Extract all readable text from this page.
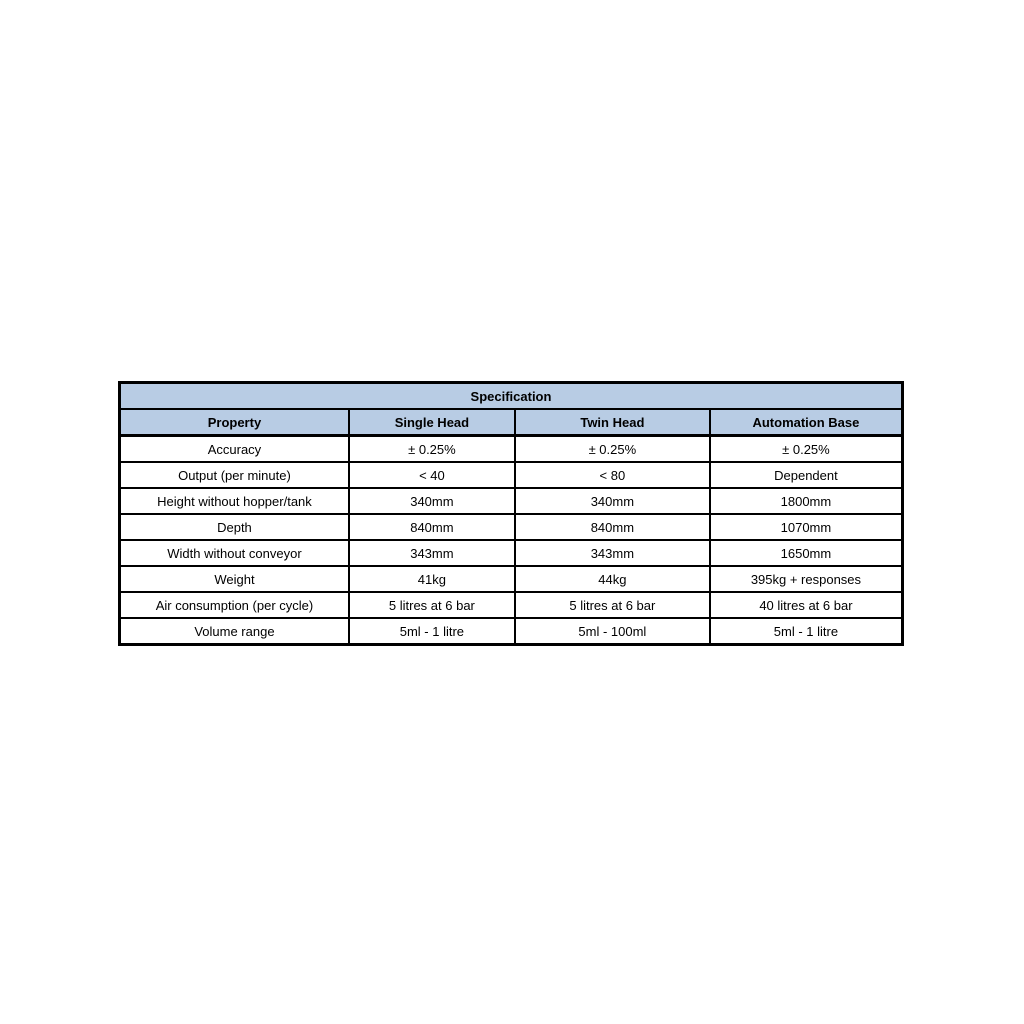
Specification			
Property	Single Head	Twin Head	Automation Base
Accuracy	± 0.25%	± 0.25%	± 0.25%
Output (per minute)	< 40	< 80	Dependent
Height without hopper/tank	340mm	340mm	1800mm
Depth	840mm	840mm	1070mm
Width without conveyor	343mm	343mm	1650mm
Weight	41kg	44kg	395kg + responses
Air consumption (per cycle)	5 litres at 6 bar	5 litres at 6 bar	40 litres at 6 bar
Volume range	5ml - 1 litre	5ml - 100ml	5ml - 1 litre
